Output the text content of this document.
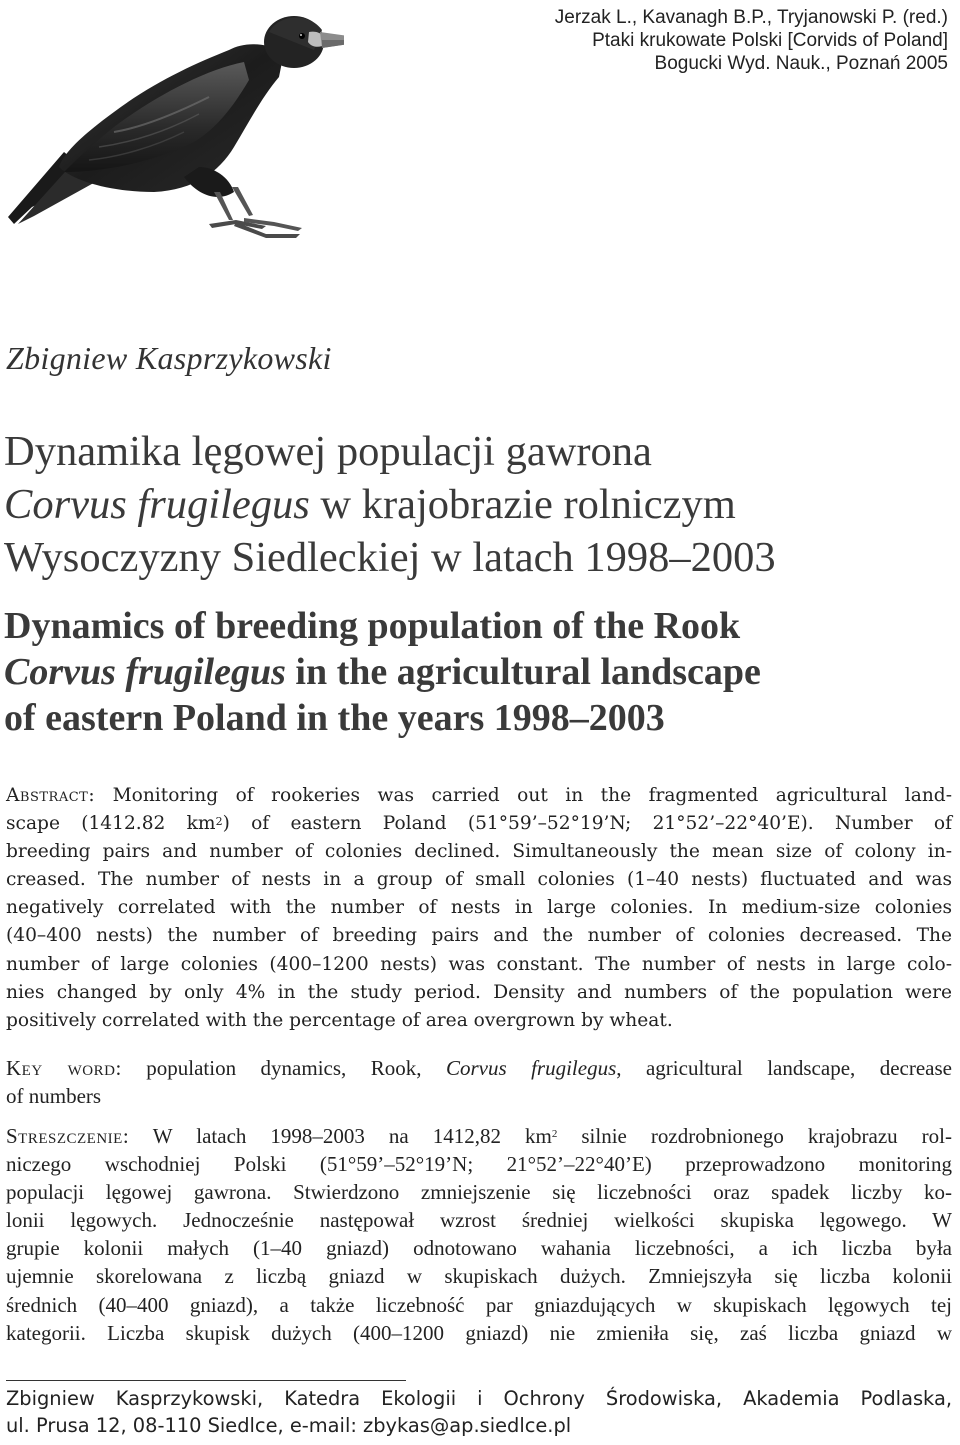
Jerzak L., Kavanagh B.P., Tryjanowski P. (red.)
Ptaki krukowate Polski [Corvids of Poland]
Bogucki Wyd. Nauk., Poznań 2005
Zbigniew Kasprzykowski
Dynamika lęgowej populacji gawrona
Corvus frugilegus w krajobrazie rolniczym
Wysoczyzny Siedleckiej w latach 1998–2003
Dynamics of breeding population of the Rook
Corvus frugilegus in the agricultural landscape
of eastern Poland in the years 1998–2003
Abstract: Monitoring of rookeries was carried out in the fragmented agricultural land-
scape (1412.82 $km^2$) of eastern Poland (51°59’–52°19’N; 21°52’–22°40’E). Number of
breeding pairs and number of colonies declined. Simultaneously the mean size of colony in-
creased. The number of nests in a group of small colonies (1–40 nests) fluctuated and was
negatively correlated with the number of nests in large colonies. In medium-size colonies
(40–400 nests) the number of breeding pairs and the number of colonies decreased. The
number of large colonies (400–1200 nests) was constant. The number of nests in large colo-
nies changed by only 4% in the study period. Density and numbers of the population were
positively correlated with the percentage of area overgrown by wheat.
Key word: population dynamics, Rook, Corvus frugilegus, agricultural landscape, decrease
of numbers
Streszczenie: W latach 1998–2003 na 1412,82 $km^2$ silnie rozdrobnionego krajobrazu rol-
niczego wschodniej Polski (51°59’–52°19’N; 21°52’–22°40’E) przeprowadzono monitoring
populacji lęgowej gawrona. Stwierdzono zmniejszenie się liczebności oraz spadek liczby ko-
lonii lęgowych. Jednocześnie następował wzrost średniej wielkości skupiska lęgowego. W
grupie kolonii małych (1–40 gniazd) odnotowano wahania liczebności, a ich liczba była
ujemnie skorelowana z liczbą gniazd w skupiskach dużych. Zmniejszyła się liczba kolonii
średnich (40–400 gniazd), a także liczebność par gniazdujących w skupiskach lęgowych tej
kategorii. Liczba skupisk dużych (400–1200 gniazd) nie zmieniła się, zaś liczba gniazd w
Zbigniew Kasprzykowski, Katedra Ekologii i Ochrony Środowiska, Akademia Podlaska,
ul. Prusa 12, 08-110 Siedlce, e-mail: zbykas@ap.siedlce.pl
